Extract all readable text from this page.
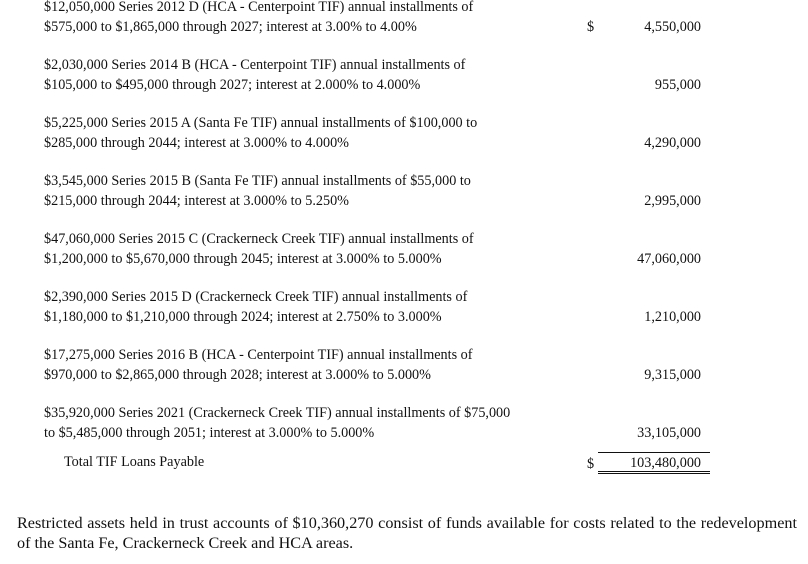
$12,050,000 Series 2012 D (HCA - Centerpoint TIF) annual installments of
$575,000 to $1,865,000 through 2027; interest at 3.00% to 4.00%	$	4,550,000
$2,030,000 Series 2014 B (HCA - Centerpoint TIF) annual installments of
$105,000 to $495,000 through 2027; interest at 2.000% to 4.000%	955,000
$5,225,000 Series 2015 A (Santa Fe TIF) annual installments of $100,000 to
$285,000 through 2044; interest at 3.000% to 4.000%	4,290,000
$3,545,000 Series 2015 B (Santa Fe TIF) annual installments of $55,000 to
$215,000 through 2044; interest at 3.000% to 5.250%	2,995,000
$47,060,000 Series 2015 C (Crackerneck Creek TIF) annual installments of
$1,200,000 to $5,670,000 through 2045; interest at 3.000% to 5.000%	47,060,000
$2,390,000 Series 2015 D (Crackerneck Creek TIF) annual installments of
$1,180,000 to $1,210,000 through 2024; interest at 2.750% to 3.000%	1,210,000
$17,275,000 Series 2016 B (HCA - Centerpoint TIF) annual installments of
$970,000 to $2,865,000 through 2028; interest at 3.000% to 5.000%	9,315,000
$35,920,000 Series 2021 (Crackerneck Creek TIF) annual installments of $75,000
to $5,485,000 through 2051; interest at 3.000% to 5.000%	33,105,000
Total TIF Loans Payable	$	103,480,000
Restricted assets held in trust accounts of $10,360,270 consist of funds available for costs related to the redevelopment of the Santa Fe, Crackerneck Creek and HCA areas.
